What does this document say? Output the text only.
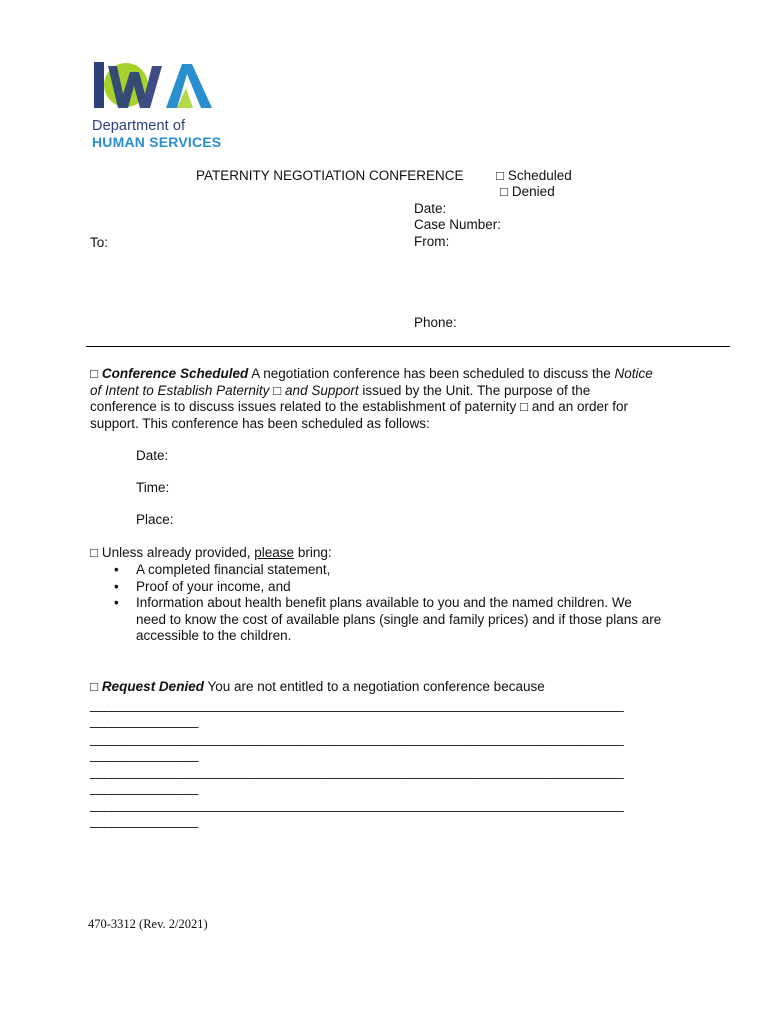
Department of
HUMAN SERVICES
PATERNITY NEGOTIATION CONFERENCE □ Scheduled
□ Denied
Date:
Case Number:
From:
To:
Phone:
□ Conference Scheduled A negotiation conference has been scheduled to discuss the Notice
of Intent to Establish Paternity □ and Support issued by the Unit. The purpose of the
conference is to discuss issues related to the establishment of paternity □ and an order for
support. This conference has been scheduled as follows:
Date:
Time:
Place:
□ Unless already provided, please bring:
• A completed financial statement,
• Proof of your income, and
• Information about health benefit plans available to you and the named children. We
need to know the cost of available plans (single and family prices) and if those plans are
accessible to the children.
□ Request Denied You are not entitled to a negotiation conference because
__________________________________________________________________________
_______________
__________________________________________________________________________
_______________
__________________________________________________________________________
_______________
__________________________________________________________________________
_______________
470-3312 (Rev. 2/2021)
